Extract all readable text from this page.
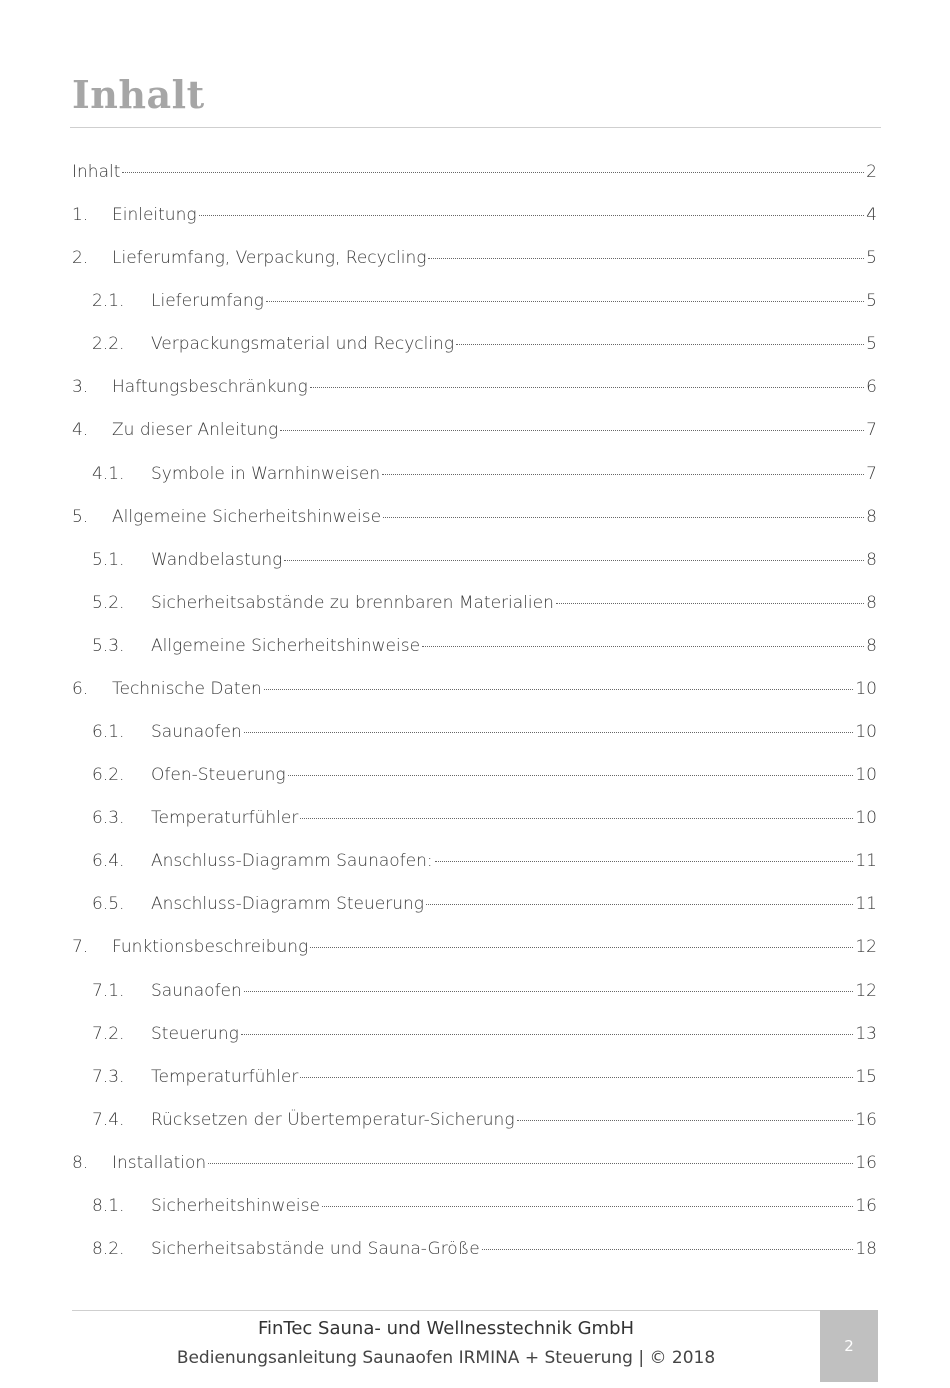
Inhalt
Inhalt	2
1.	Einleitung	4
2.	Lieferumfang, Verpackung, Recycling	5
2.1.	Lieferumfang	5
2.2.	Verpackungsmaterial und Recycling	5
3.	Haftungsbeschränkung	6
4.	Zu dieser Anleitung	7
4.1.	Symbole in Warnhinweisen	7
5.	Allgemeine Sicherheitshinweise	8
5.1.	Wandbelastung	8
5.2.	Sicherheitsabstände zu brennbaren Materialien	8
5.3.	Allgemeine Sicherheitshinweise	8
6.	Technische Daten	10
6.1.	Saunaofen	10
6.2.	Ofen-Steuerung	10
6.3.	Temperaturfühler	10
6.4.	Anschluss-Diagramm Saunaofen:	11
6.5.	Anschluss-Diagramm Steuerung	11
7.	Funktionsbeschreibung	12
7.1.	Saunaofen	12
7.2.	Steuerung	13
7.3.	Temperaturfühler	15
7.4.	Rücksetzen der Übertemperatur-Sicherung	16
8.	Installation	16
8.1.	Sicherheitshinweise	16
8.2.	Sicherheitsabstände und Sauna-Größe	18
FinTec Sauna- und Wellnesstechnik GmbH
Bedienungsanleitung Saunaofen IRMINA + Steuerung | © 2018
2
